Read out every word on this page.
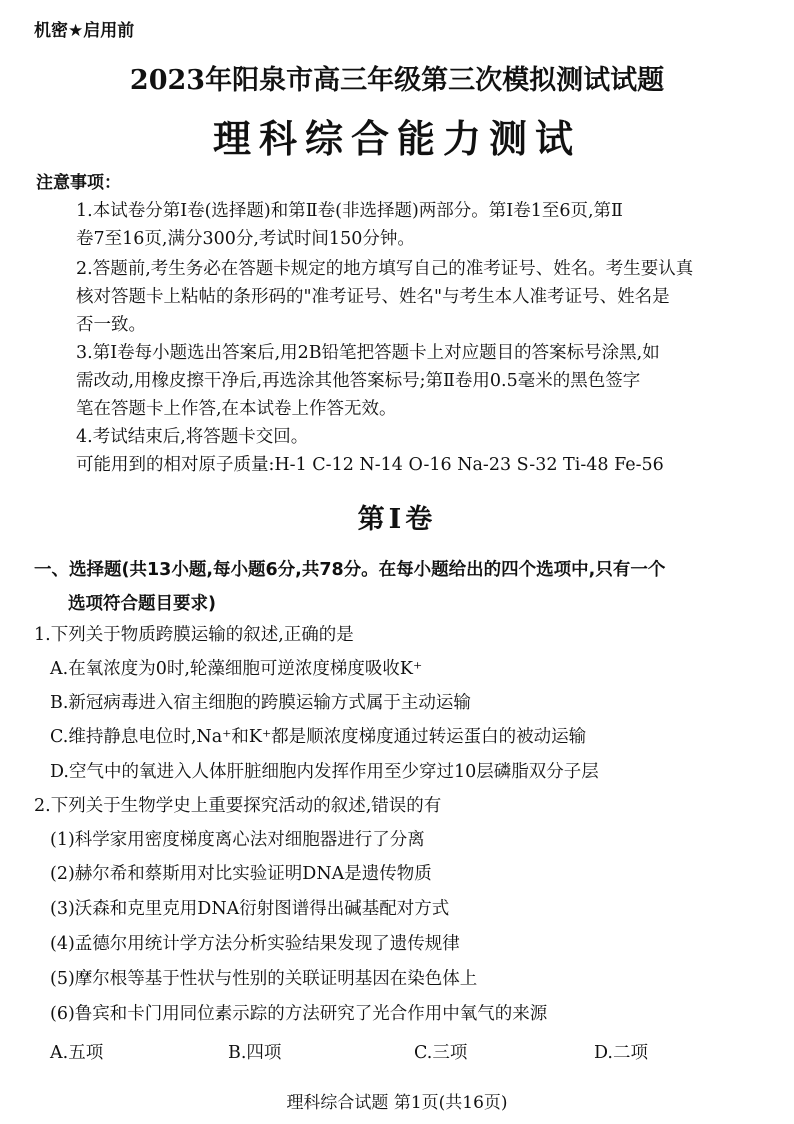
机密★启用前
2023年阳泉市高三年级第三次模拟测试试题
理科综合能力测试
注意事项：
1.本试卷分第Ⅰ卷(选择题)和第Ⅱ卷(非选择题)两部分。第Ⅰ卷1至6页,第Ⅱ
卷7至16页,满分300分,考试时间150分钟。
2.答题前,考生务必在答题卡规定的地方填写自己的准考证号、姓名。考生要认真
核对答题卡上粘帖的条形码的"准考证号、姓名"与考生本人准考证号、姓名是
否一致。
3.第Ⅰ卷每小题选出答案后,用2B铅笔把答题卡上对应题目的答案标号涂黑,如
需改动,用橡皮擦干净后,再选涂其他答案标号;第Ⅱ卷用0.5毫米的黑色签字
笔在答题卡上作答,在本试卷上作答无效。
4.考试结束后,将答题卡交回。
可能用到的相对原子质量:H-1 C-12 N-14 O-16 Na-23 S-32 Ti-48 Fe-56
第Ⅰ卷
一、选择题(共13小题,每小题6分,共78分。在每小题给出的四个选项中,只有一个
选项符合题目要求)
1.下列关于物质跨膜运输的叙述,正确的是
A.在氧浓度为0时,轮藻细胞可逆浓度梯度吸收K⁺
B.新冠病毒进入宿主细胞的跨膜运输方式属于主动运输
C.维持静息电位时,Na⁺和K⁺都是顺浓度梯度通过转运蛋白的被动运输
D.空气中的氧进入人体肝脏细胞内发挥作用至少穿过10层磷脂双分子层
2.下列关于生物学史上重要探究活动的叙述,错误的有
(1)科学家用密度梯度离心法对细胞器进行了分离
(2)赫尔希和蔡斯用对比实验证明DNA是遗传物质
(3)沃森和克里克用DNA衍射图谱得出碱基配对方式
(4)孟德尔用统计学方法分析实验结果发现了遗传规律
(5)摩尔根等基于性状与性别的关联证明基因在染色体上
(6)鲁宾和卡门用同位素示踪的方法研究了光合作用中氧气的来源
A.五项	B.四项	C.三项	D.二项
理科综合试题 第1页(共16页)
